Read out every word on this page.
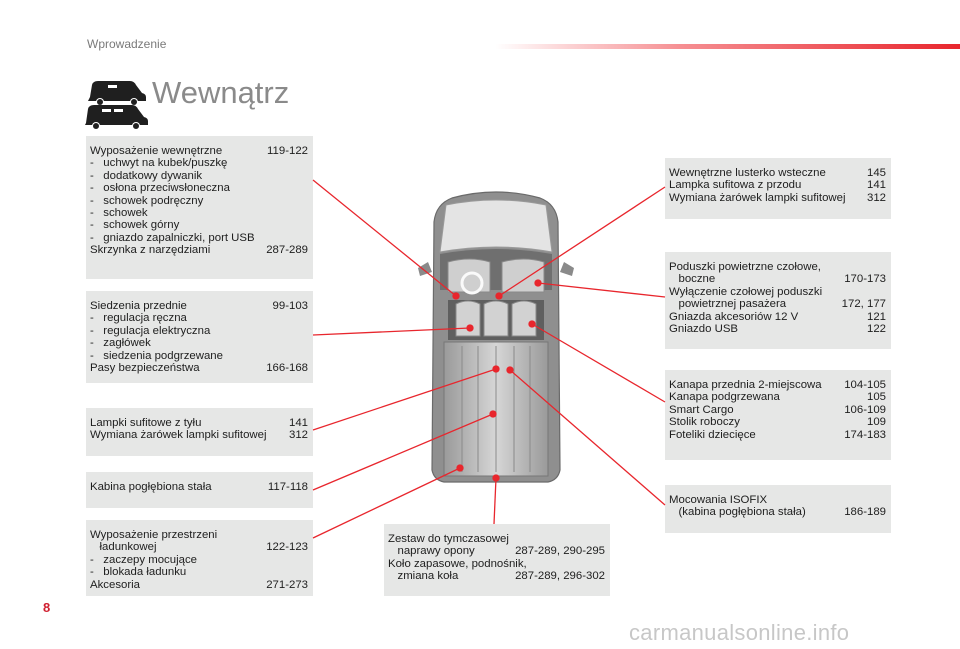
Wprowadzenie
Wewnątrz
Wyposażenie wewnętrzne	119-122
-   uchwyt na kubek/puszkę
-   dodatkowy dywanik
-   osłona przeciwsłoneczna
-   schowek podręczny
-   schowek
-   schowek górny
-   gniazdo zapalniczki, port USB
Skrzynka z narzędziami	287-289
Siedzenia przednie	99-103
-   regulacja ręczna
-   regulacja elektryczna
-   zagłówek
-   siedzenia podgrzewane
Pasy bezpieczeństwa	166-168
Lampki sufitowe z tyłu	141
Wymiana żarówek lampki sufitowej	312
Kabina pogłębiona stała	117-118
Wyposażenie przestrzeni
ładunkowej	122-123
-   zaczepy mocujące
-   blokada ładunku
Akcesoria	271-273
Zestaw do tymczasowej
naprawy opony	287-289, 290-295
Koło zapasowe, podnośnik,
zmiana koła	287-289, 296-302
Wewnętrzne lusterko wsteczne	145
Lampka sufitowa z przodu	141
Wymiana żarówek lampki sufitowej	312
Poduszki powietrzne czołowe,
boczne	170-173
Wyłączenie czołowej poduszki
powietrznej pasażera	172, 177
Gniazda akcesoriów 12 V	121
Gniazdo USB	122
Kanapa przednia 2-miejscowa	104-105
Kanapa podgrzewana	105
Smart Cargo	106-109
Stolik roboczy	109
Foteliki dziecięce	174-183
Mocowania ISOFIX
(kabina pogłębiona stała)	186-189
8
carmanualsonline.info
